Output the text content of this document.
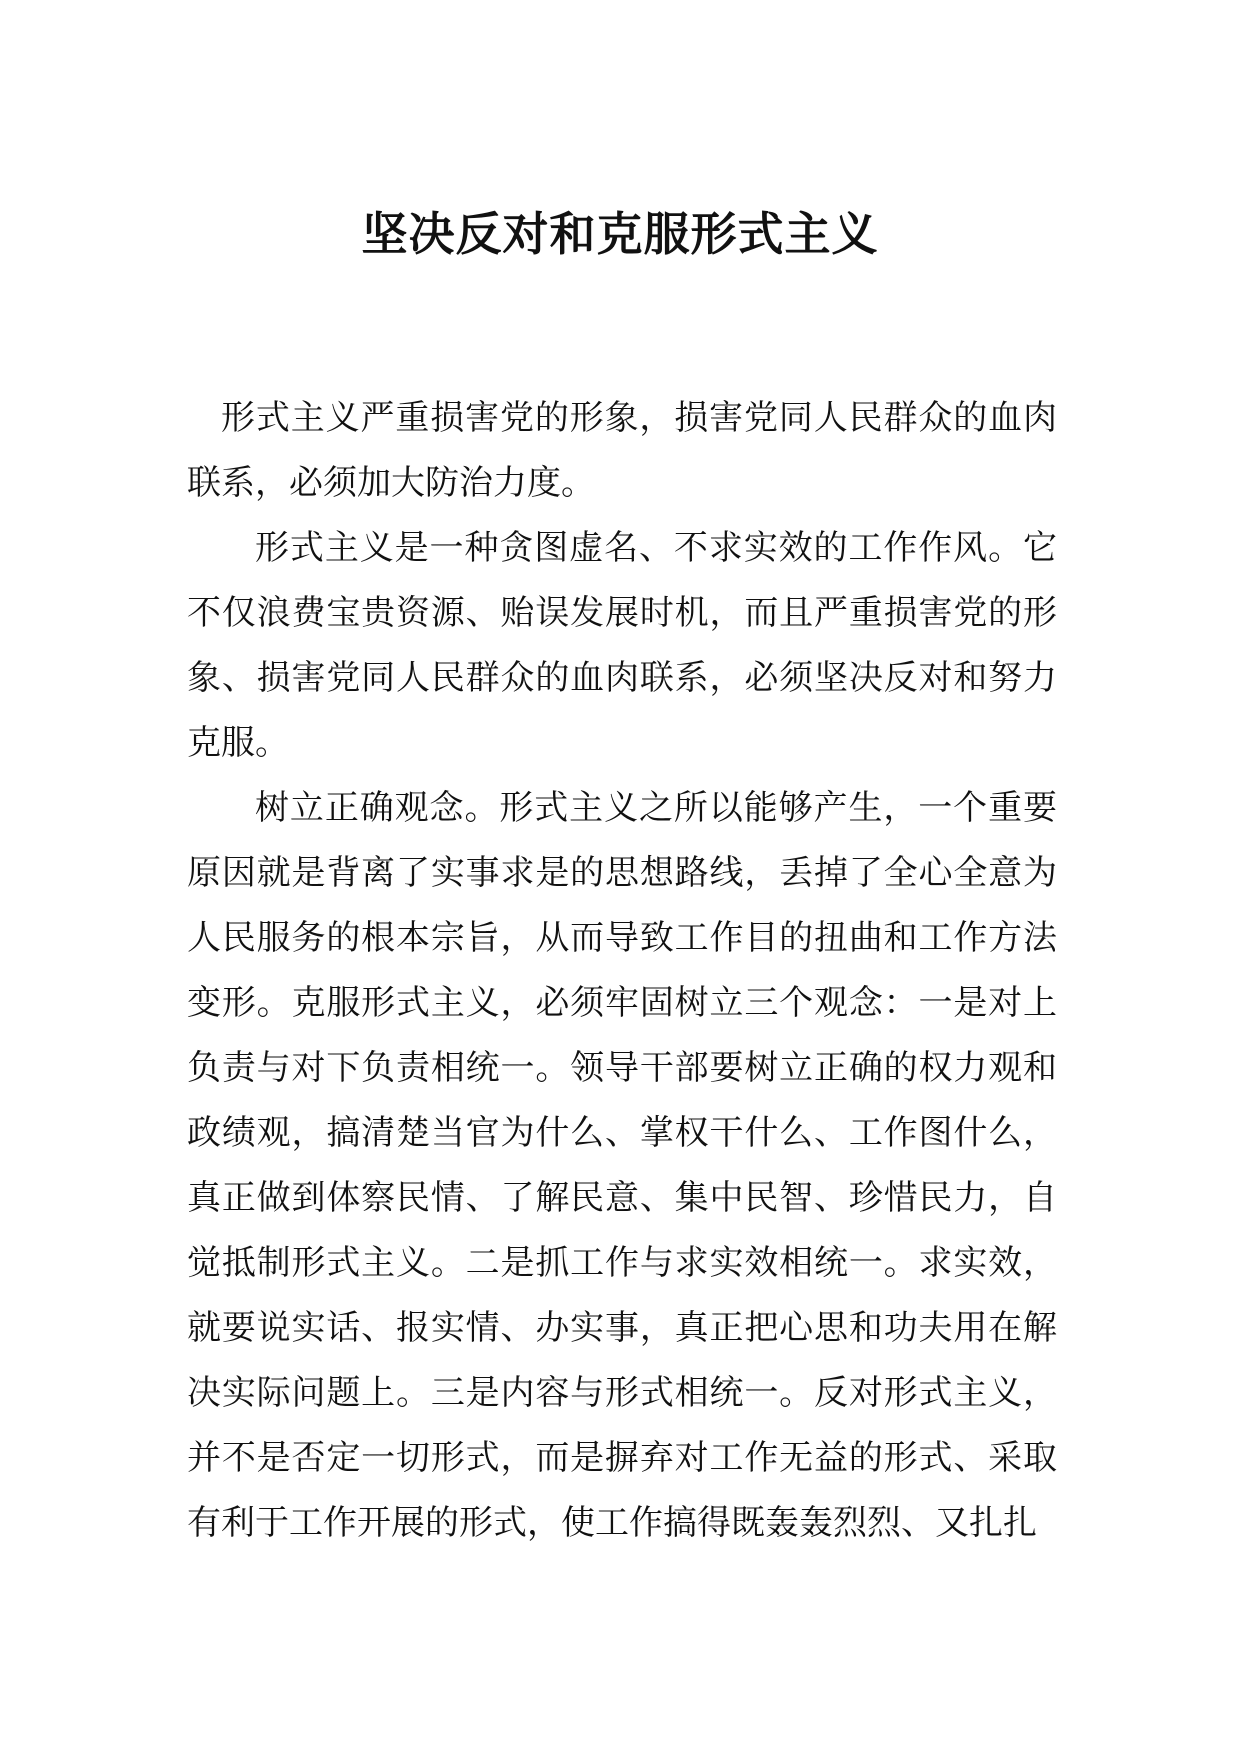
坚决反对和克服形式主义

形式主义严重损害党的形象，损害党同人民群众的血肉联系，必须加大防治力度。

形式主义是一种贪图虚名、不求实效的工作作风。它不仅浪费宝贵资源、贻误发展时机，而且严重损害党的形象、损害党同人民群众的血肉联系，必须坚决反对和努力克服。

树立正确观念。形式主义之所以能够产生，一个重要原因就是背离了实事求是的思想路线，丢掉了全心全意为人民服务的根本宗旨，从而导致工作目的扭曲和工作方法变形。克服形式主义，必须牢固树立三个观念：一是对上负责与对下负责相统一。领导干部要树立正确的权力观和政绩观，搞清楚当官为什么、掌权干什么、工作图什么，真正做到体察民情、了解民意、集中民智、珍惜民力，自觉抵制形式主义。二是抓工作与求实效相统一。求实效，就要说实话、报实情、办实事，真正把心思和功夫用在解决实际问题上。三是内容与形式相统一。反对形式主义，并不是否定一切形式，而是摒弃对工作无益的形式、采取有利于工作开展的形式，使工作搞得既轰轰烈烈、又扎扎
